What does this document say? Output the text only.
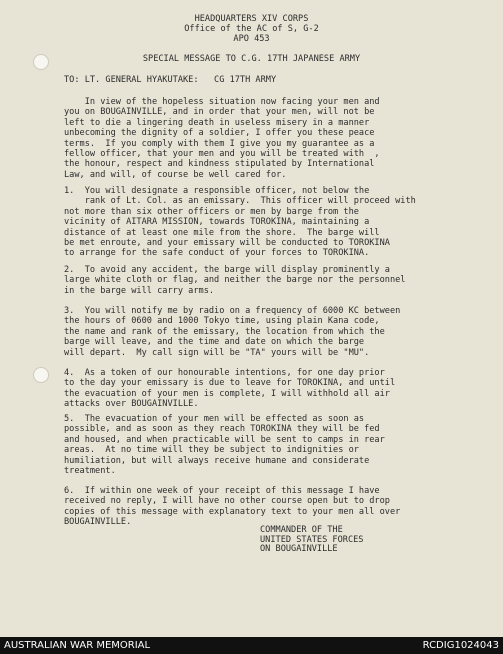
HEADQUARTERS XIV CORPS
Office of the AC of S, G-2
APO 453
SPECIAL MESSAGE TO C.G. 17TH JAPANESE ARMY
TO: LT. GENERAL HYAKUTAKE:   CG 17TH ARMY
In view of the hopeless situation now facing your men and
you on BOUGAINVILLE, and in order that your men, will not be
left to die a lingering death in useless misery in a manner
unbecoming the dignity of a soldier, I offer you these peace
terms.  If you comply with them I give you my guarantee as a
fellow officer, that your men and you will be treated with  ,
the honour, respect and kindness stipulated by International
Law, and will, of course be well cared for.
1.  You will designate a responsible officer, not below the
rank of Lt. Col. as an emissary.  This officer will proceed with
not more than six other officers or men by barge from the
vicinity of AITARA MISSION, towards TOROKINA, maintaining a
distance of at least one mile from the shore.  The barge will
be met enroute, and your emissary will be conducted to TOROKINA
to arrange for the safe conduct of your forces to TOROKINA.
2.  To avoid any accident, the barge will display prominently a
large white cloth or flag, and neither the barge nor the personnel
in the barge will carry arms.
3.  You will notify me by radio on a frequency of 6000 KC between
the hours of 0600 and 1000 Tokyo time, using plain Kana code,
the name and rank of the emissary, the location from which the
barge will leave, and the time and date on which the barge
will depart.  My call sign will be "TA" yours will be "MU".
4.  As a token of our honourable intentions, for one day prior
to the day your emissary is due to leave for TOROKINA, and until
the evacuation of your men is complete, I will withhold all air
attacks over BOUGAINVILLE.
5.  The evacuation of your men will be effected as soon as
possible, and as soon as they reach TOROKINA they will be fed
and housed, and when practicable will be sent to camps in rear
areas.  At no time will they be subject to indignities or
humiliation, but will always receive humane and considerate
treatment.
6.  If within one week of your receipt of this message I have
received no reply, I will have no other course open but to drop
copies of this message with explanatory text to your men all over
BOUGAINVILLE.
COMMANDER OF THE
UNITED STATES FORCES
ON BOUGAINVILLE
AUSTRALIAN WAR MEMORIAL	RCDIG1024043
